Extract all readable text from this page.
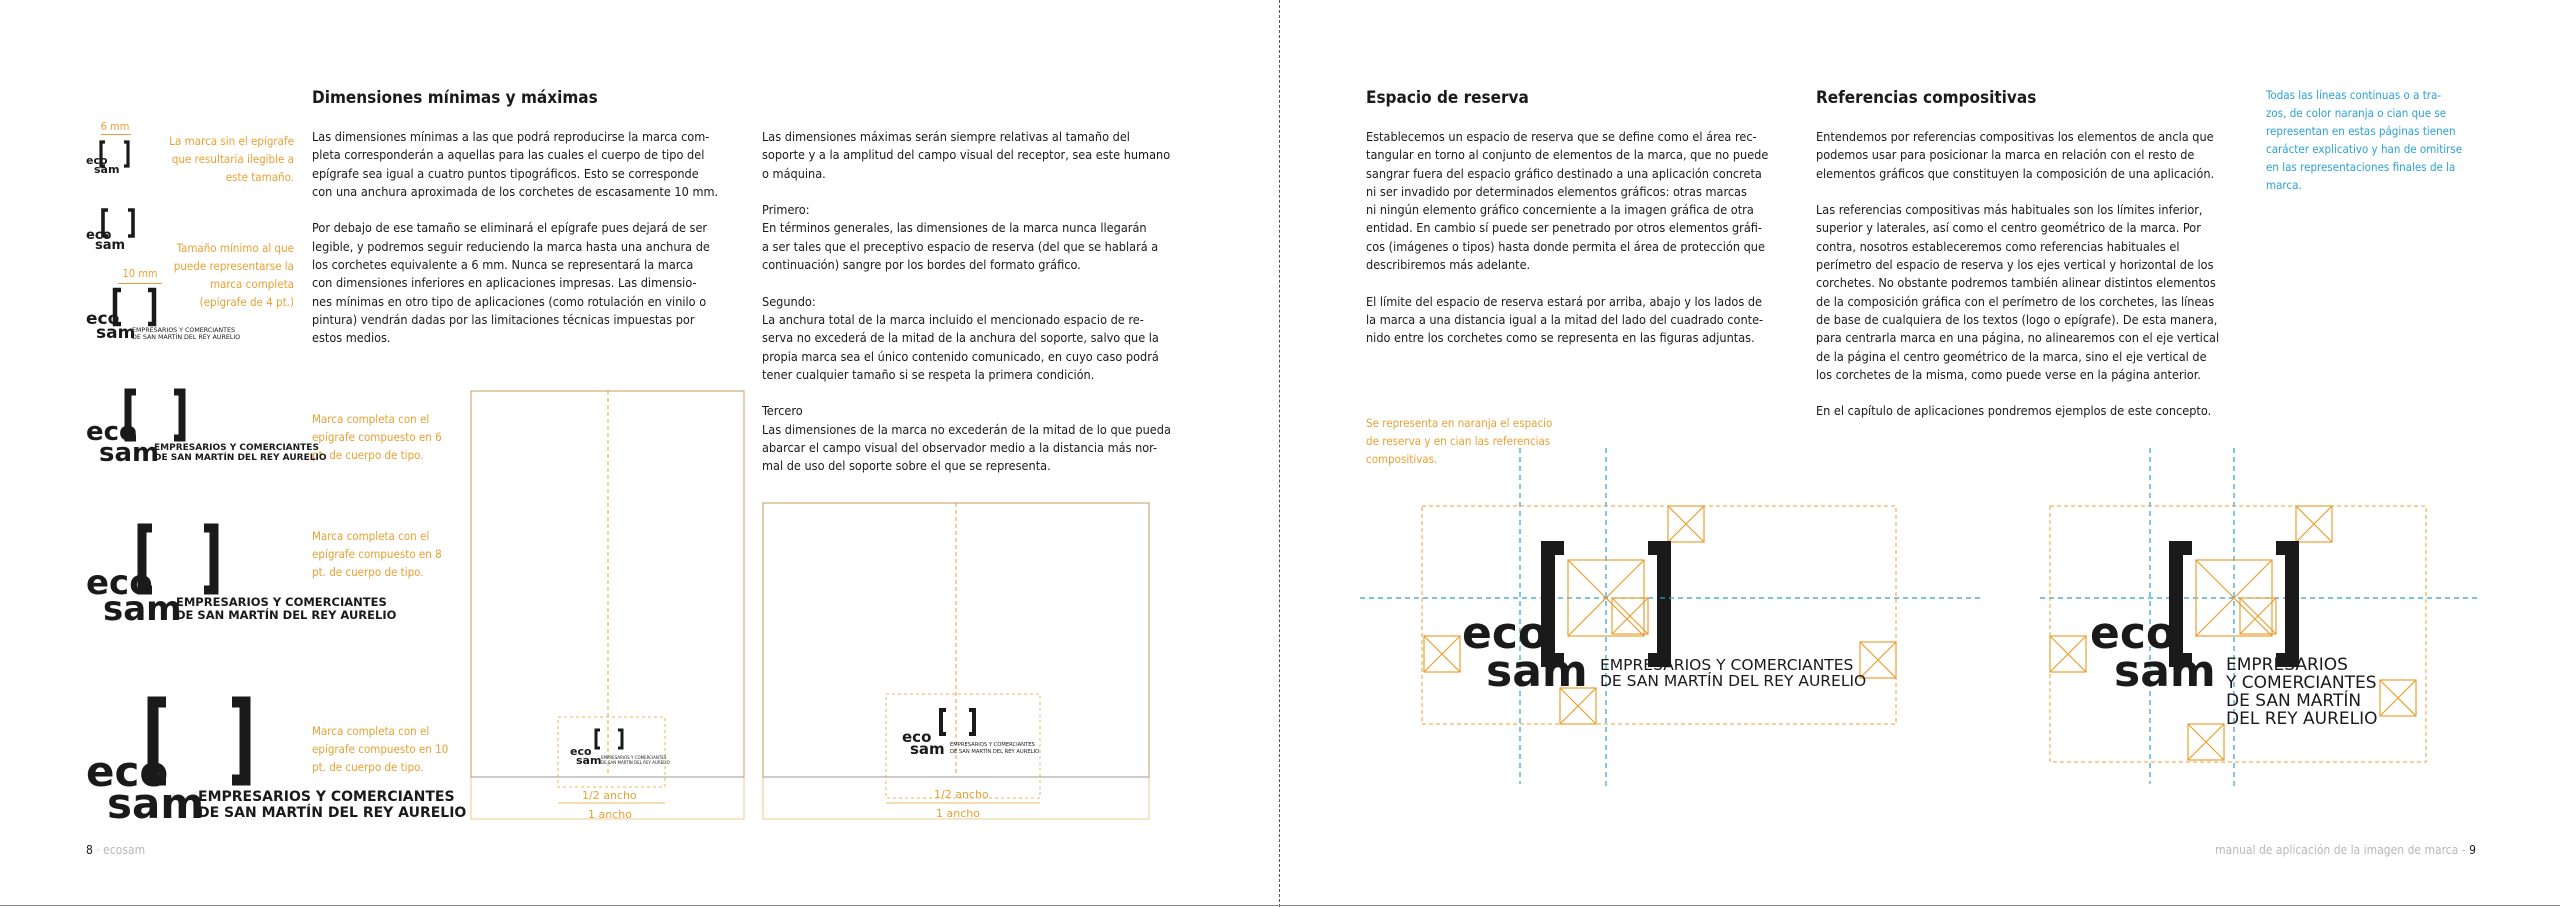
Dimensiones mínimas y máximas
Las dimensiones mínimas a las que podrá reproducirse la marca com-
pleta corresponderán a aquellas para las cuales el cuerpo de tipo del
epígrafe sea igual a cuatro puntos tipográficos. Esto se corresponde
con una anchura aproximada de los corchetes de escasamente 10 mm.

Por debajo de ese tamaño se eliminará el epígrafe pues dejará de ser
legible, y podremos seguir reduciendo la marca hasta una anchura de
los corchetes equivalente a 6 mm. Nunca se representará la marca
con dimensiones inferiores en aplicaciones impresas. Las dimensio-
nes mínimas en otro tipo de aplicaciones (como rotulación en vinilo o
pintura) vendrán dadas por las limitaciones técnicas impuestas por
estos medios.
Las dimensiones máximas serán siempre relativas al tamaño del
soporte y a la amplitud del campo visual del receptor, sea este humano
o máquina.

Primero:
En términos generales, las dimensiones de la marca nunca llegarán
a ser tales que el preceptivo espacio de reserva (del que se hablará a
continuación) sangre por los bordes del formato gráfico.

Segundo:
La anchura total de la marca incluido el mencionado espacio de re-
serva no excederá de la mitad de la anchura del soporte, salvo que la
propia marca sea el único contenido comunicado, en cuyo caso podrá
tener cualquier tamaño si se respeta la primera condición.

Tercero
Las dimensiones de la marca no excederán de la mitad de lo que pueda
abarcar el campo visual del observador medio a la distancia más nor-
mal de uso del soporte sobre el que se representa.
La marca sin el epígrafe
que resultaría ilegible a
este tamaño.
Tamaño mínimo al que
puede representarse la
marca completa
(epígrafe de 4 pt.)
Marca completa con el
epígrafe compuesto en 6
pt. de cuerpo de tipo.
Marca completa con el
epígrafe compuesto en 8
pt. de cuerpo de tipo.
Marca completa con el
epígrafe compuesto en 10
pt. de cuerpo de tipo.
6 mm
10 mm
eco
sam
eco
sam
eco
sam
EMPRESARIOS Y COMERCIANTES
DE SAN MARTÍN DEL REY AURELIO
eco
sam
EMPRESARIOS Y COMERCIANTES
DE SAN MARTÍN DEL REY AURELIO
eco
sam
EMPRESARIOS Y COMERCIANTES
DE SAN MARTÍN DEL REY AURELIO
eco
sam
EMPRESARIOS Y COMERCIANTES
DE SAN MARTÍN DEL REY AURELIO
1/2 ancho
1 ancho
eco
sam EMPRESARIOS Y COMERCIANTES
DE SAN MARTÍN DEL REY AURELIO
1/2 ancho
1 ancho
eco
sam EMPRESARIOS Y COMERCIANTES
DE SAN MARTÍN DEL REY AURELIO
8 · ecosam
Espacio de reserva
Establecemos un espacio de reserva que se define como el área rec-
tangular en torno al conjunto de elementos de la marca, que no puede
sangrar fuera del espacio gráfico destinado a una aplicación concreta
ni ser invadido por determinados elementos gráficos: otras marcas
ni ningún elemento gráfico concerniente a la imagen gráfica de otra
entidad. En cambio sí puede ser penetrado por otros elementos gráfi-
cos (imágenes o tipos) hasta donde permita el área de protección que
describiremos más adelante.

El límite del espacio de reserva estará por arriba, abajo y los lados de
la marca a una distancia igual a la mitad del lado del cuadrado conte-
nido entre los corchetes como se representa en las figuras adjuntas.
Referencias compositivas
Entendemos por referencias compositivas los elementos de ancla que
podemos usar para posicionar la marca en relación con el resto de
elementos gráficos que constituyen la composición de una aplicación.

Las referencias compositivas más habituales son los límites inferior,
superior y laterales, así como el centro geométrico de la marca. Por
contra, nosotros estableceremos como referencias habituales el
perímetro del espacio de reserva y los ejes vertical y horizontal de los
corchetes. No obstante podremos también alinear distintos elementos
de la composición gráfica con el perímetro de los corchetes, las líneas
de base de cualquiera de los textos (logo o epígrafe). De esta manera,
para centrarla marca en una página, no alinearemos con el eje vertical
de la página el centro geométrico de la marca, sino el eje vertical de
los corchetes de la misma, como puede verse en la página anterior.

En el capítulo de aplicaciones pondremos ejemplos de este concepto.
Todas las líneas continuas o a tra-
zos, de color naranja o cian que se
representan en estas páginas tienen
carácter explicativo y han de omitirse
en las representaciones finales de la
marca.
Se representa en naranja el espacio
de reserva y en cian las referencias
compositivas.
eco
sam EMPRESARIOS Y COMERCIANTES
DE SAN MARTÍN DEL REY AURELIO
eco
sam EMPRESARIOS
Y COMERCIANTES
DE SAN MARTÍN
DEL REY AURELIO
manual de aplicación de la imagen de marca - 9
